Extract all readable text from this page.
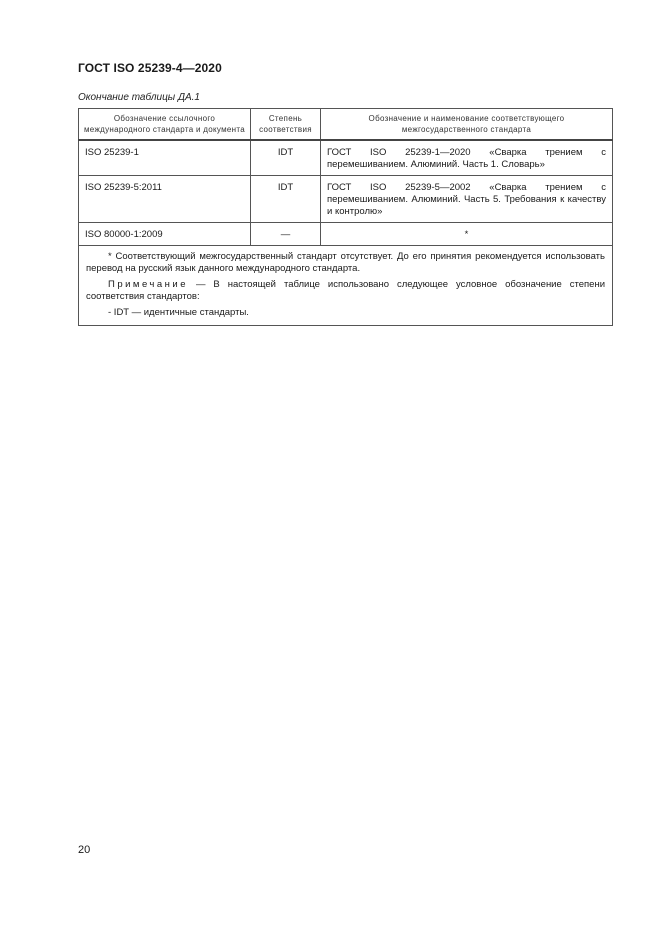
ГОСТ ISO 25239-4—2020
Окончание таблицы ДА.1
Обозначение ссылочного международного стандарта и документа	Степень соответствия	Обозначение и наименование соответствующего межгосударственного стандарта
ISO 25239-1	IDT	ГОСТ ISO 25239-1—2020 «Сварка трением с перемешиванием. Алюминий. Часть 1. Словарь»
ISO 25239-5:2011	IDT	ГОСТ ISO 25239-5—2002 «Сварка трением с перемешиванием. Алюминий. Часть 5. Требования к качеству и контролю»
ISO 80000-1:2009	—	*

* Соответствующий межгосударственный стандарт отсутствует. До его принятия рекомендуется использовать перевод на русский язык данного международного стандарта.

Примечание — В настоящей таблице использовано следующее условное обозначение степени соответствия стандартов:

- IDT — идентичные стандарты.		
20
